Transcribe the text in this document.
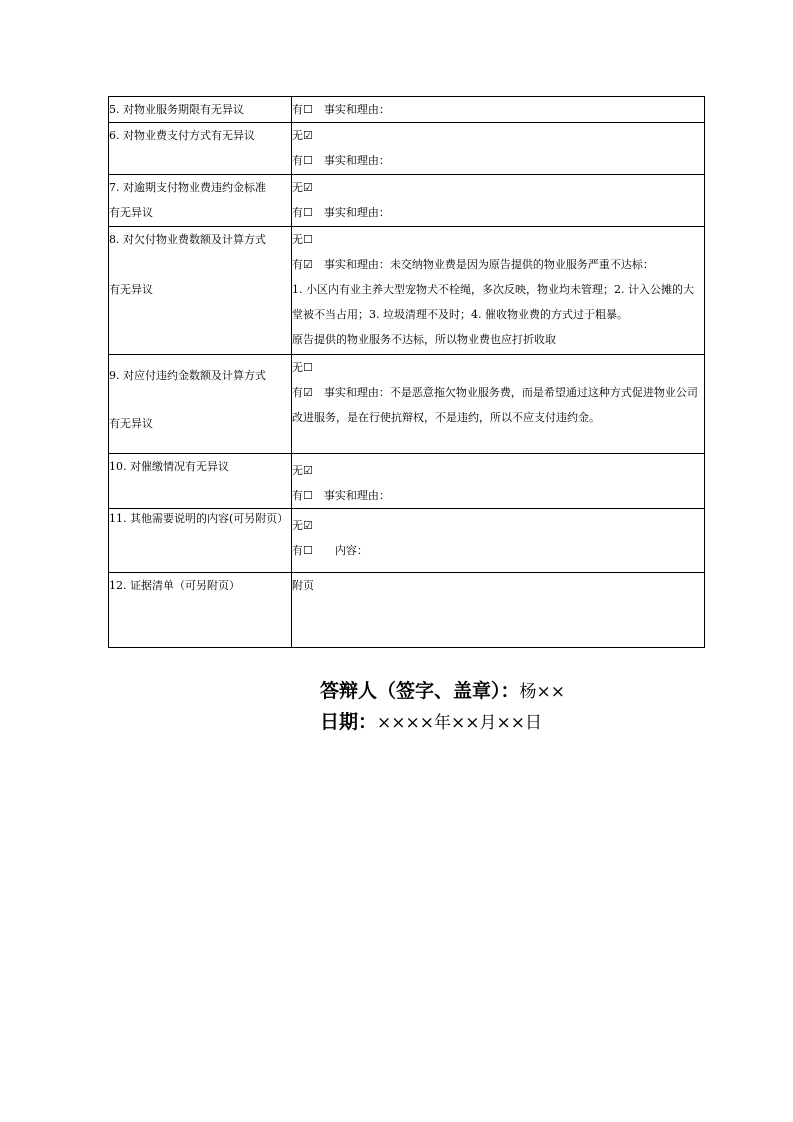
5. 对物业服务期限有无异议	有☐　事实和理由：

6. 对物业费支付方式有无异议	无☑
有☐　事实和理由：

7. 对逾期支付物业费违约金标准
有无异议	无☑
有☐　事实和理由：

8. 对欠付物业费数额及计算方式
有无异议	无☐
有☑　事实和理由：未交纳物业费是因为原告提供的物业服务严重不达标：
1. 小区内有业主养大型宠物犬不栓绳，多次反映，物业均未管理；2. 计入公摊的大堂被不当占用；3. 垃圾清理不及时；4. 催收物业费的方式过于粗暴。
原告提供的物业服务不达标，所以物业费也应打折收取

9. 对应付违约金数额及计算方式
有无异议	无☐
有☑　事实和理由：不是恶意拖欠物业服务费，而是希望通过这种方式促进物业公司改进服务，是在行使抗辩权，不是违约，所以不应支付违约金。

10. 对催缴情况有无异议	无☑
有☐　事实和理由：

11. 其他需要说明的内容(可另附页）	无☑
有☐　　内容：

12. 证据清单（可另附页）	附页
答辩人（签字、盖章）：杨××
日期：××××年××月××日
